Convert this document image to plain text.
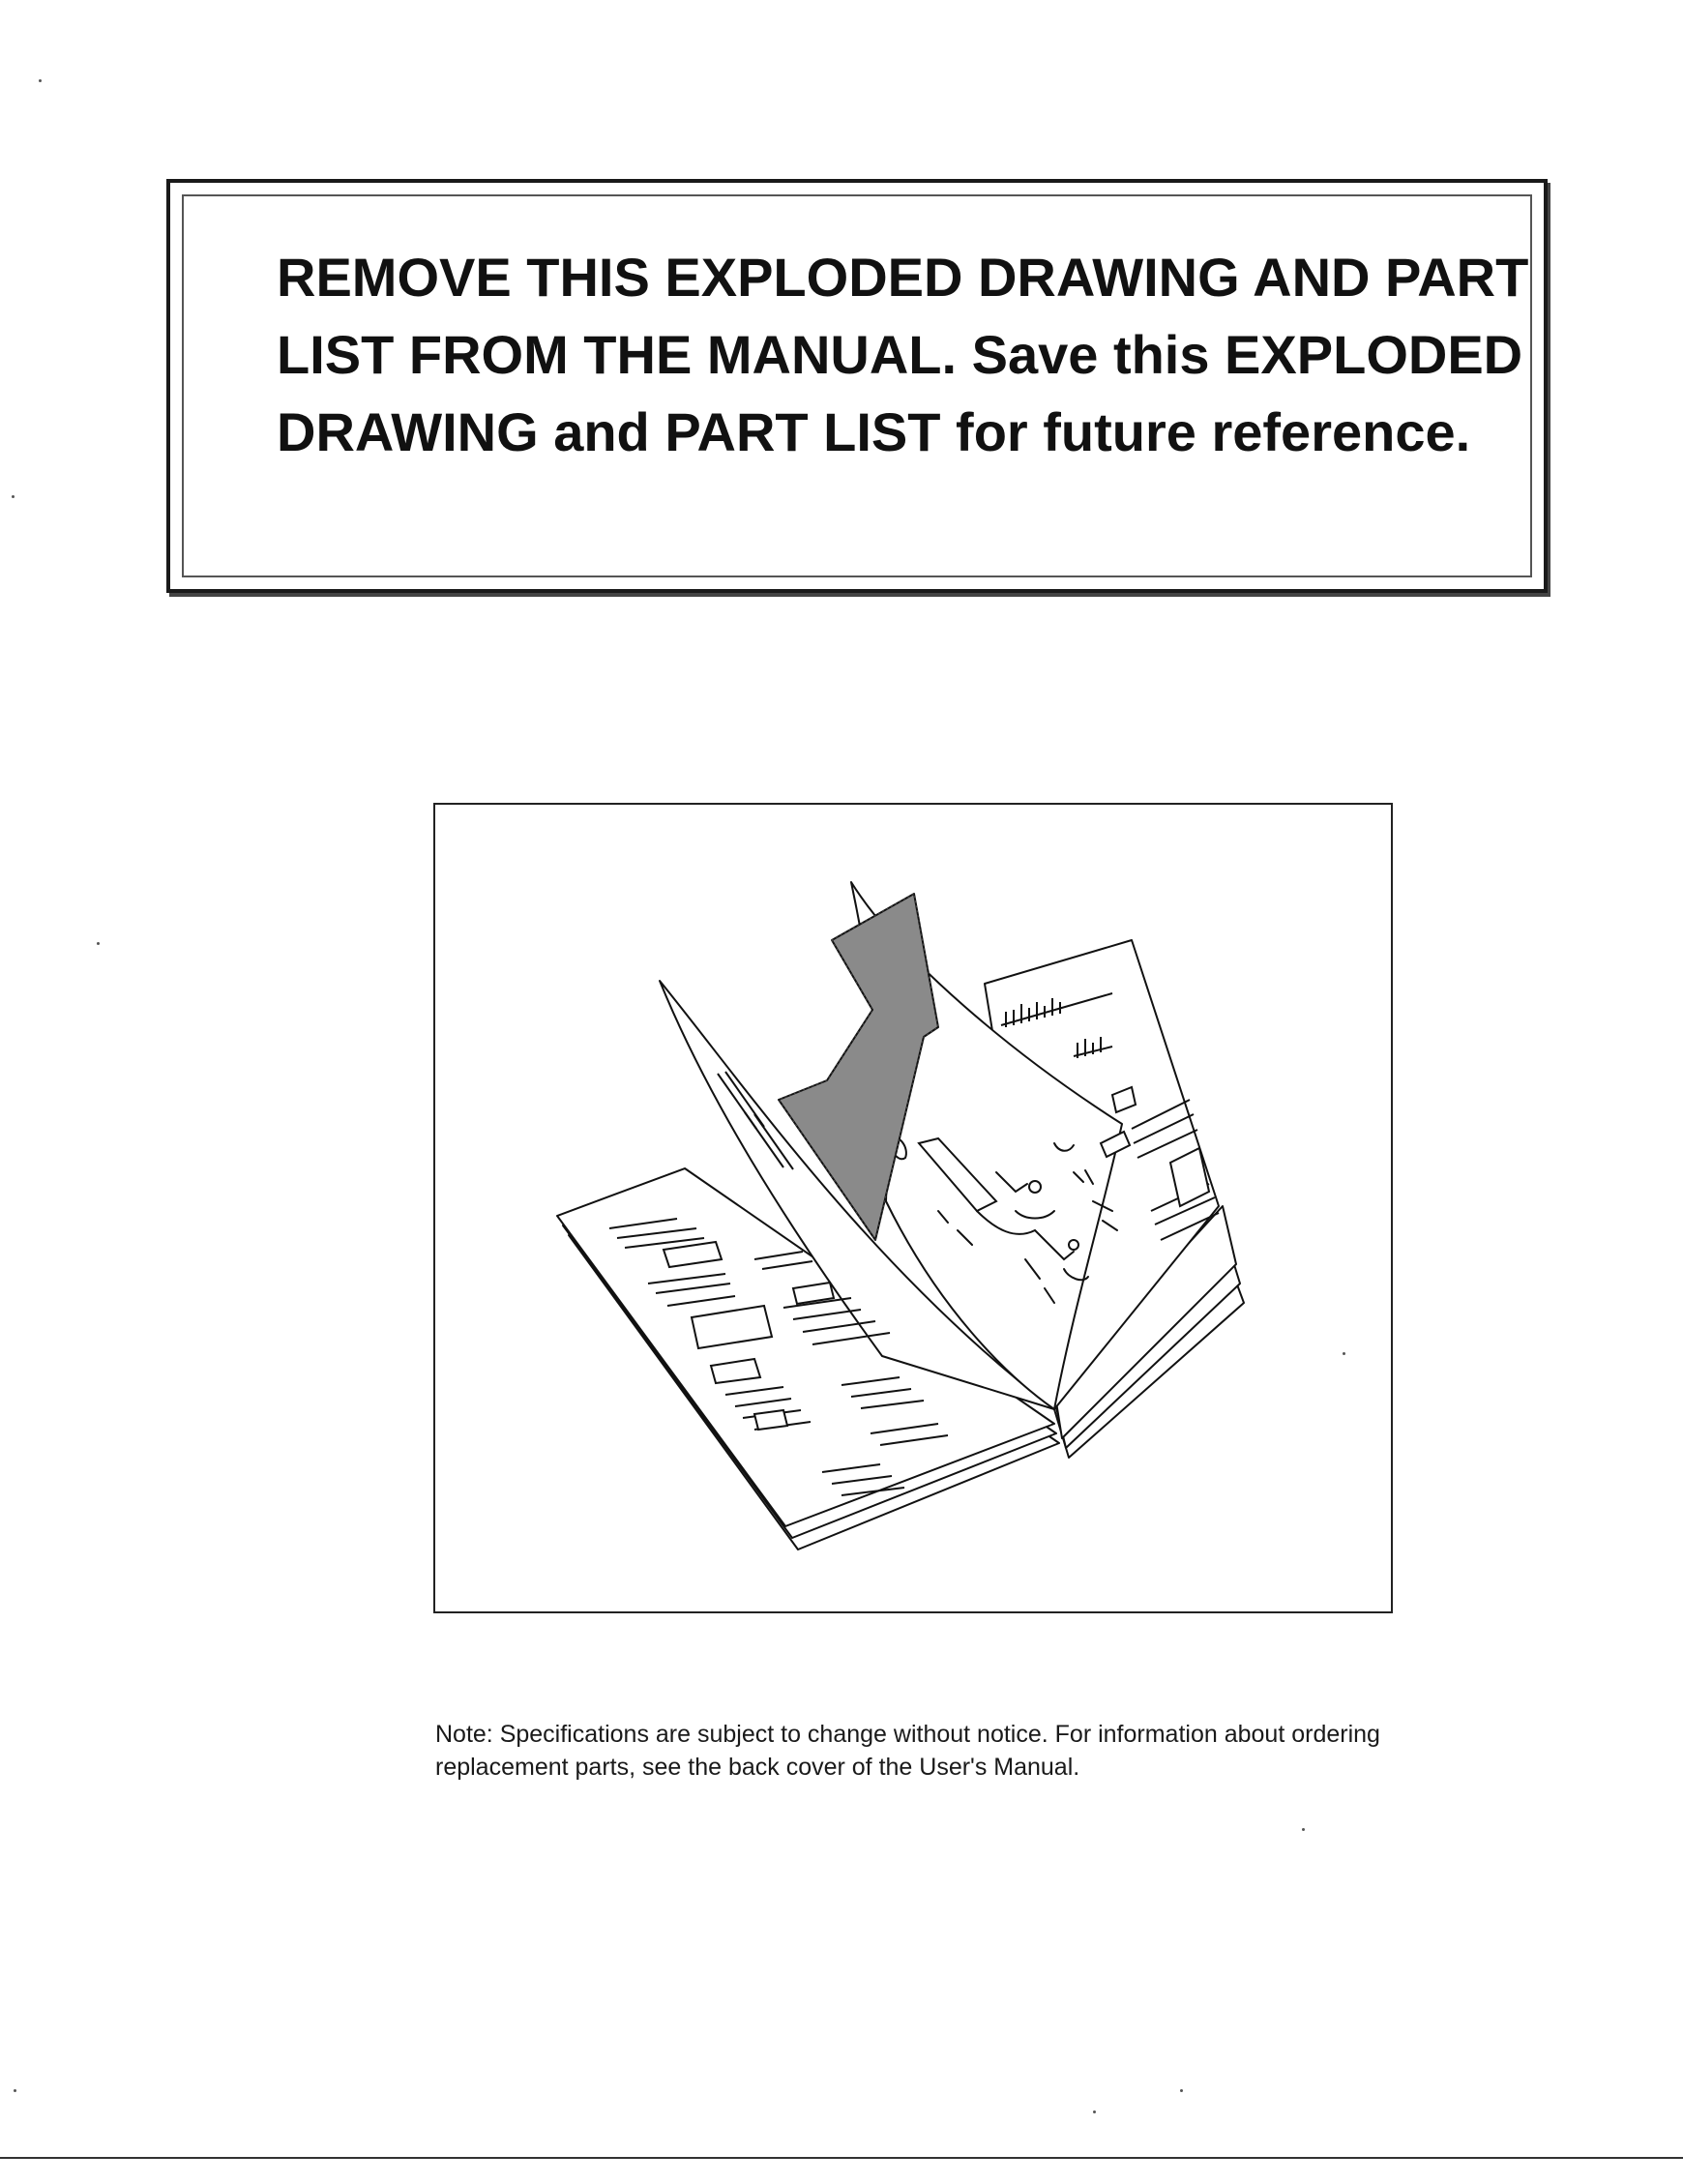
REMOVE THIS EXPLODED DRAWING AND PART LIST FROM THE MANUAL. Save this EXPLODED DRAWING and PART LIST for future reference.

Note: Specifications are subject to change without notice. For information about ordering replacement parts, see the back cover of the User's Manual.
